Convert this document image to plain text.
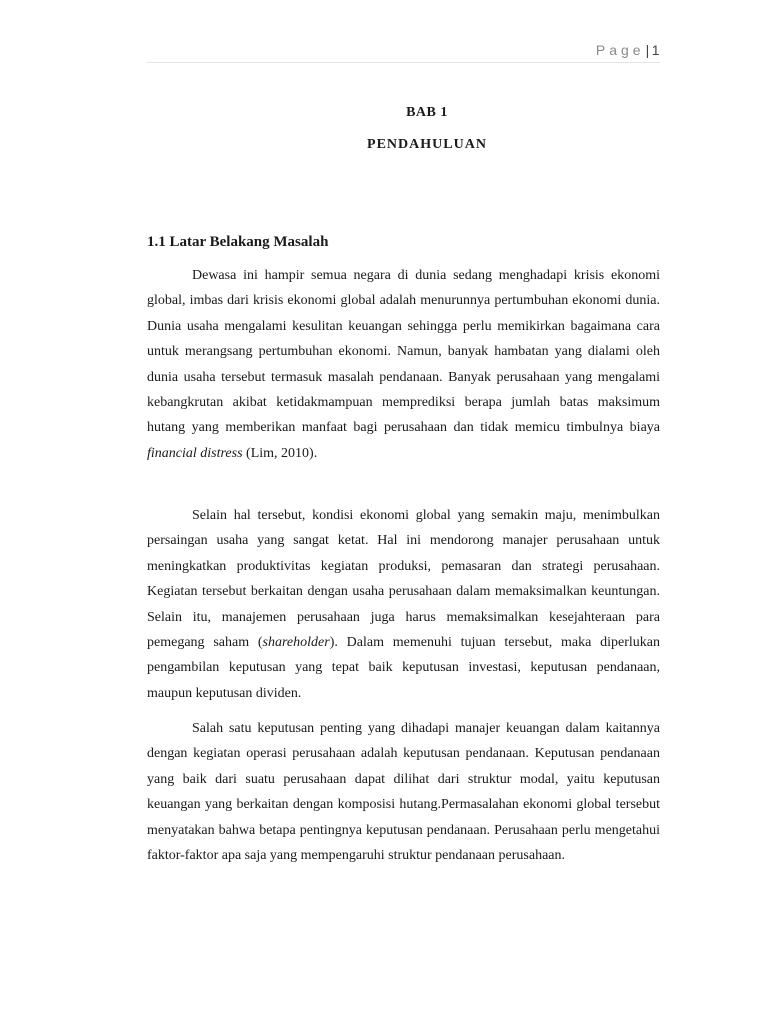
Page| 1
BAB 1
PENDAHULUAN
1.1 Latar Belakang Masalah

Dewasa ini hampir semua negara di dunia sedang menghadapi krisis ekonomi global, imbas dari krisis ekonomi global adalah menurunnya pertumbuhan ekonomi dunia. Dunia usaha mengalami kesulitan keuangan sehingga perlu memikirkan bagaimana cara untuk merangsang pertumbuhan ekonomi. Namun, banyak hambatan yang dialami oleh dunia usaha tersebut termasuk masalah pendanaan. Banyak perusahaan yang mengalami kebangkrutan akibat ketidakmampuan memprediksi berapa jumlah batas maksimum hutang yang memberikan manfaat bagi perusahaan dan tidak memicu timbulnya biaya financial distress (Lim, 2010).

Selain hal tersebut, kondisi ekonomi global yang semakin maju, menimbulkan persaingan usaha yang sangat ketat. Hal ini mendorong manajer perusahaan untuk meningkatkan produktivitas kegiatan produksi, pemasaran dan strategi perusahaan. Kegiatan tersebut berkaitan dengan usaha perusahaan dalam memaksimalkan keuntungan. Selain itu, manajemen perusahaan juga harus memaksimalkan kesejahteraan para pemegang saham (shareholder). Dalam memenuhi tujuan tersebut, maka diperlukan pengambilan keputusan yang tepat baik keputusan investasi, keputusan pendanaan, maupun keputusan dividen.

Salah satu keputusan penting yang dihadapi manajer keuangan dalam kaitannya dengan kegiatan operasi perusahaan adalah keputusan pendanaan. Keputusan pendanaan yang baik dari suatu perusahaan dapat dilihat dari struktur modal, yaitu keputusan keuangan yang berkaitan dengan komposisi hutang.Permasalahan ekonomi global tersebut menyatakan bahwa betapa pentingnya keputusan pendanaan. Perusahaan perlu mengetahui faktor-faktor apa saja yang mempengaruhi struktur pendanaan perusahaan.
